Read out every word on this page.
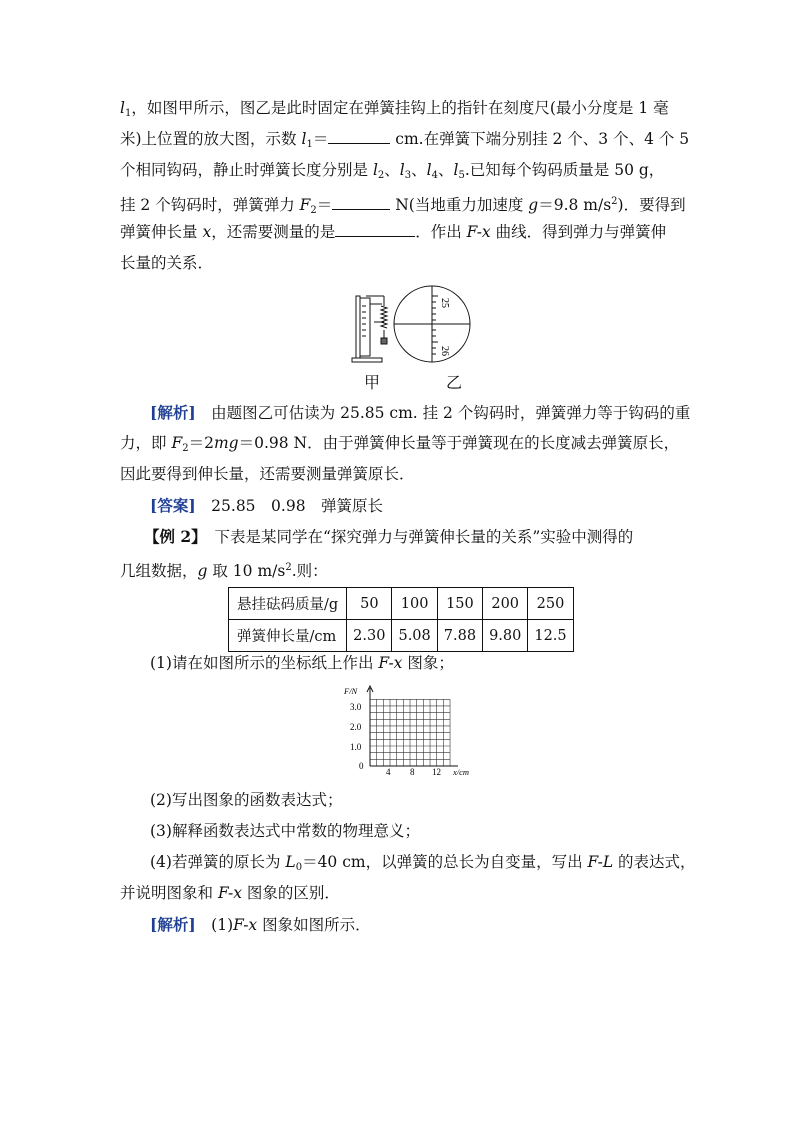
$l_1$，如图甲所示，图乙是此时固定在弹簧挂钩上的指针在刻度尺(最小分度是 1 毫
米)上位置的放大图，示数 $l_1=$	cm.在弹簧下端分别挂 2 个、3 个、4 个 5
个相同钩码，静止时弹簧长度分别是 $l_2$、$l_3$、$l_4$、$l_5$.已知每个钩码质量是 50 g，
挂 2 个钩码时，弹簧弹力 $F_2=$	N(当地重力加速度 g＝9.8 $m/s^2$)．要得到
弹簧伸长量 x，还需要测量的是	．作出 F-x 曲线．得到弹力与弹簧伸
长量的关系．
25
26
甲	乙
[解析]　由题图乙可估读为 25.85 cm. 挂 2 个钩码时，弹簧弹力等于钩码的重
力，即 $F_2=2mg=0.98$ N．由于弹簧伸长量等于弹簧现在的长度减去弹簧原长，
因此要得到伸长量，还需要测量弹簧原长．
[答案]　25.85　0.98　弹簧原长
【例 2】　下表是某同学在“探究弹力与弹簧伸长量的关系”实验中测得的
几组数据，g 取 10 $m/s^2$.则：
悬挂砝码质量/g	50	100	150	200	250
弹簧伸长量/cm	2.30	5.08	7.88	9.80	12.5
(1)请在如图所示的坐标纸上作出 F-x 图象；
F/N
x/cm
0
1.0
2.0
3.0
4 8 12
(2)写出图象的函数表达式；
(3)解释函数表达式中常数的物理意义；
(4)若弹簧的原长为 $L_0=40$ cm，以弹簧的总长为自变量，写出 F-L 的表达式，
并说明图象和 F-x 图象的区别．
[解析]　(1)F-x 图象如图所示．
